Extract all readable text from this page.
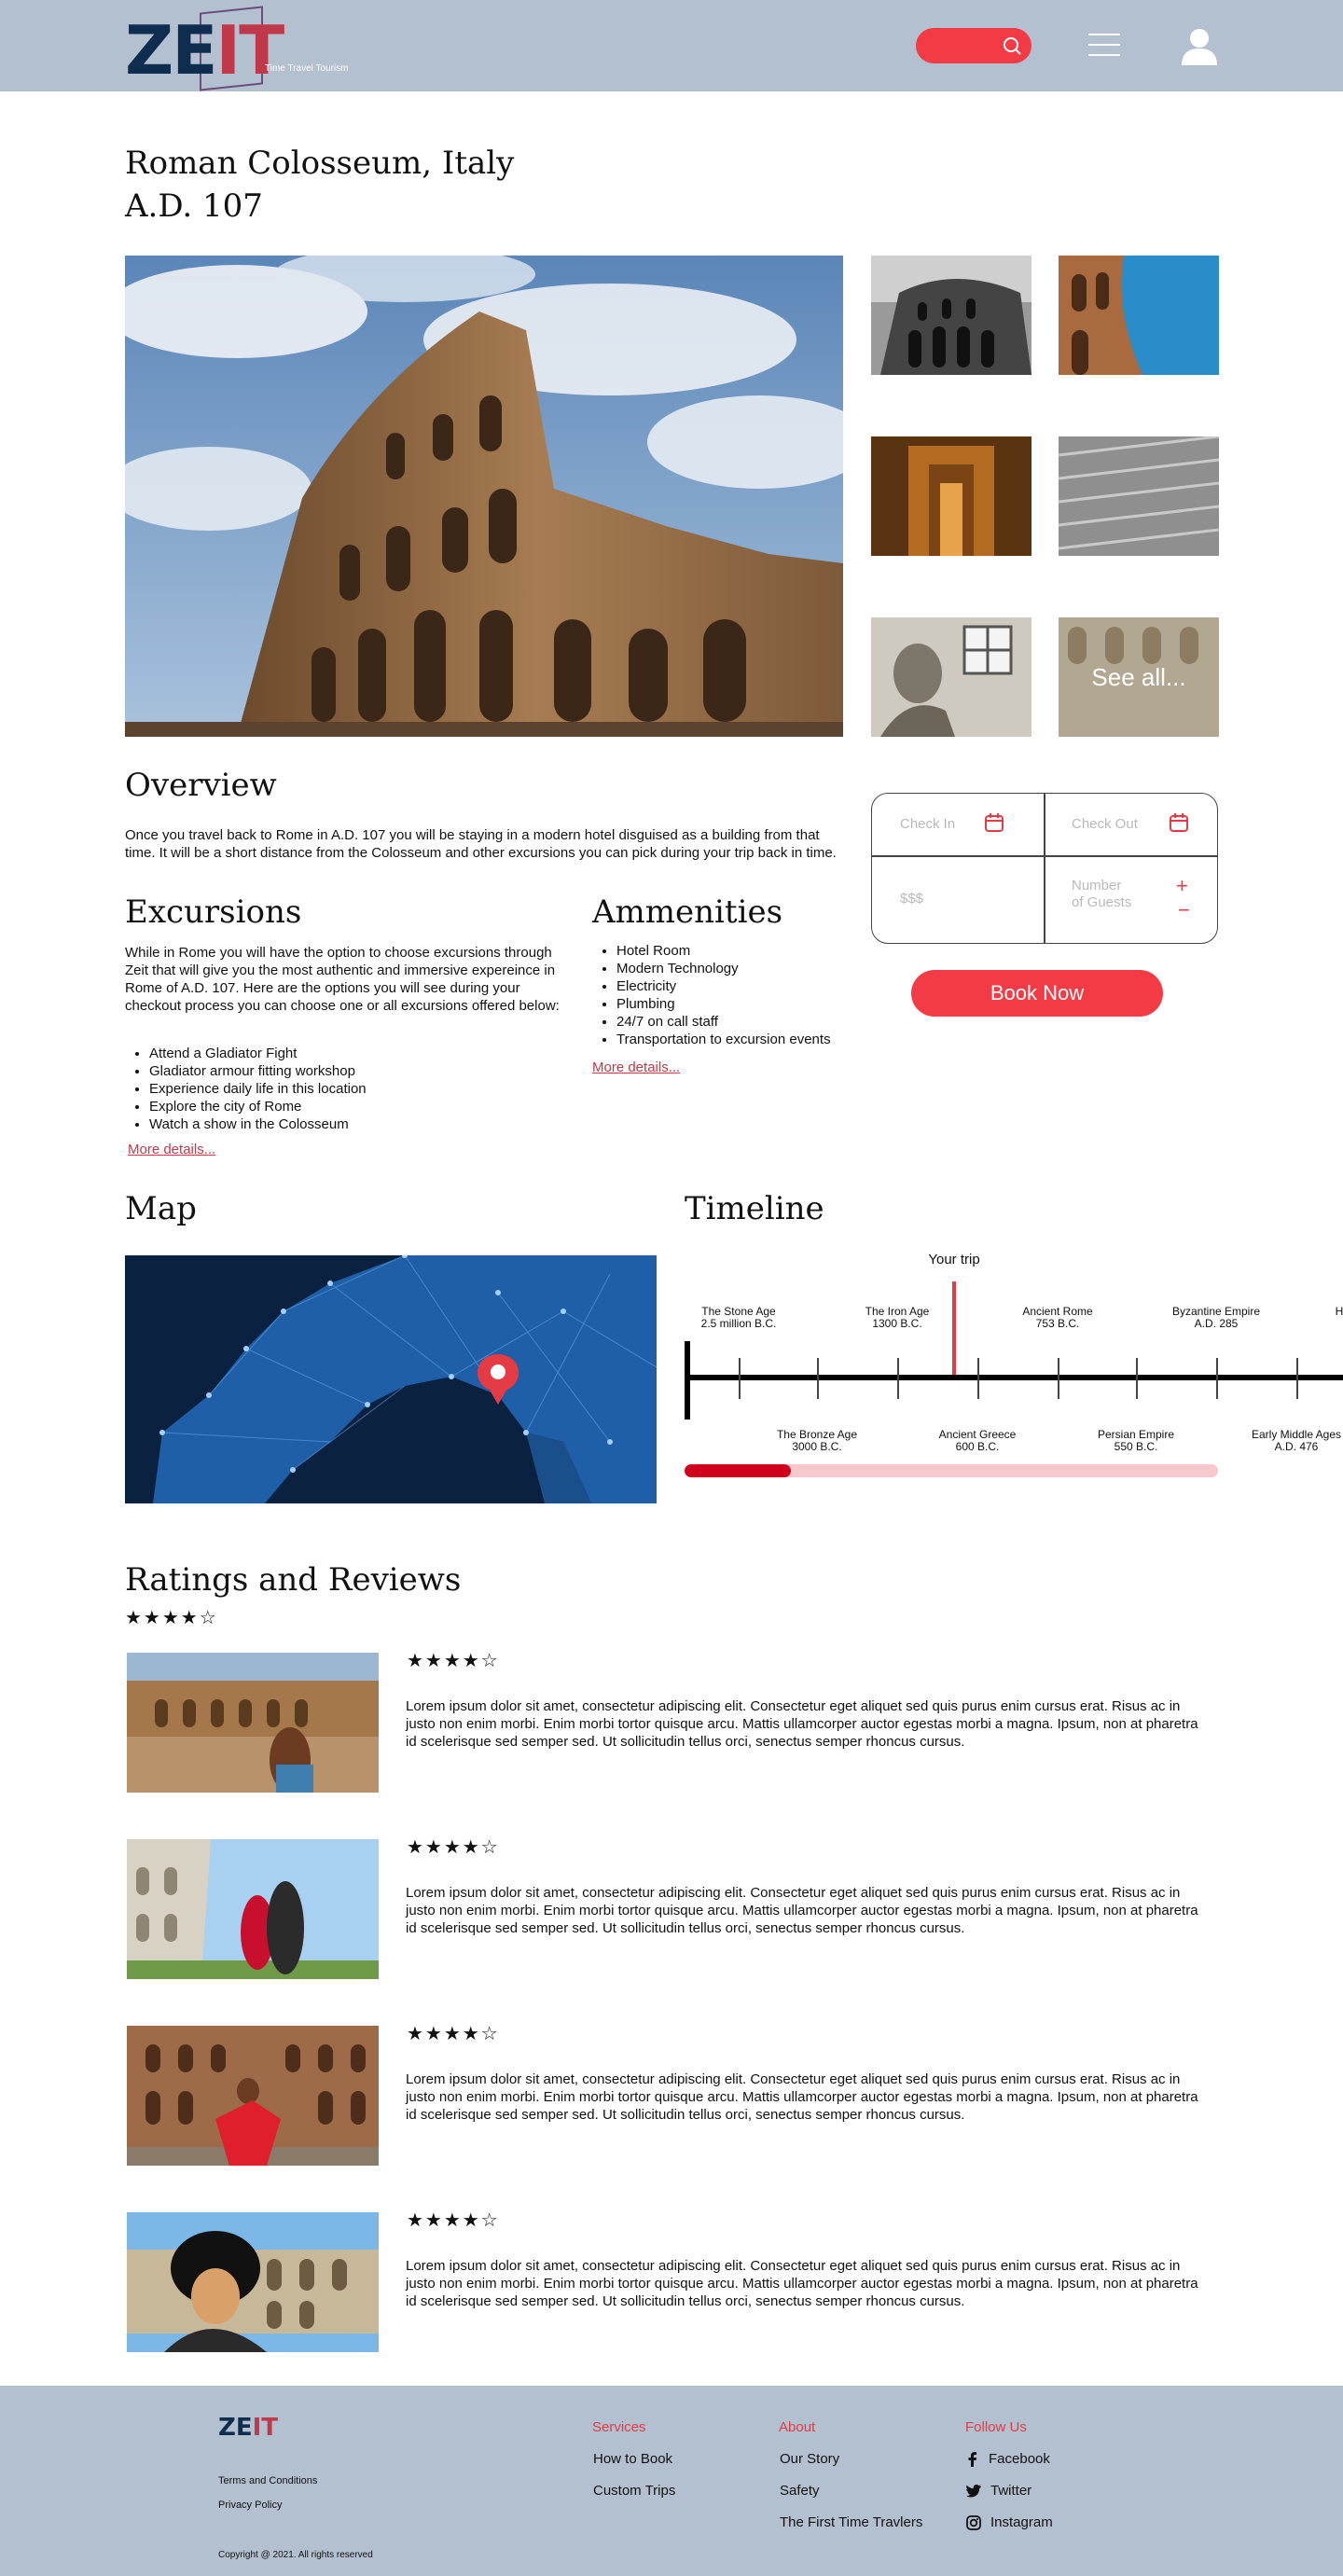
ZEIT
Time Travel Tourism
Roman Colosseum, Italy
A.D. 107
See all...
Overview
Once you travel back to Rome in A.D. 107 you will be staying in a modern hotel disguised as a building from that time. It will be a short distance from the Colosseum and other excursions you can pick during your trip back in time.
Excursions
While in Rome you will have the option to choose excursions through Zeit that will give you the most authentic and immersive expereince in Rome of A.D. 107. Here are the options you will see during your checkout process you can choose one or all excursions offered below:
• Attend a Gladiator Fight
• Gladiator armour fitting workshop
• Experience daily life in this location
• Explore the city of Rome
• Watch a show in the Colosseum
More details...
Ammenities
• Hotel Room
• Modern Technology
• Electricity
• Plumbing
• 24/7 on call staff
• Transportation to excursion events
More details...
Check In	Check Out
$$$
Number
of Guests
+
−
Book Now
Map	Timeline
Your trip
The Stone Age
2.5 million B.C.
The Iron Age
1300 B.C.
Ancient Rome
753 B.C.
Byzantine Empire
A.D. 285
H
The Bronze Age
3000 B.C.
Ancient Greece
600 B.C.
Persian Empire
550 B.C.
Early Middle Ages
A.D. 476
Ratings and Reviews
★★★★☆
★★★★☆
Lorem ipsum dolor sit amet, consectetur adipiscing elit. Consectetur eget aliquet sed quis purus enim cursus erat. Risus ac in justo non enim morbi. Enim morbi tortor quisque arcu. Mattis ullamcorper auctor egestas morbi a magna. Ipsum, non at pharetra id scelerisque sed semper sed. Ut sollicitudin tellus orci, senectus semper rhoncus cursus.
★★★★☆
Lorem ipsum dolor sit amet, consectetur adipiscing elit. Consectetur eget aliquet sed quis purus enim cursus erat. Risus ac in justo non enim morbi. Enim morbi tortor quisque arcu. Mattis ullamcorper auctor egestas morbi a magna. Ipsum, non at pharetra id scelerisque sed semper sed. Ut sollicitudin tellus orci, senectus semper rhoncus cursus.
★★★★☆
Lorem ipsum dolor sit amet, consectetur adipiscing elit. Consectetur eget aliquet sed quis purus enim cursus erat. Risus ac in justo non enim morbi. Enim morbi tortor quisque arcu. Mattis ullamcorper auctor egestas morbi a magna. Ipsum, non at pharetra id scelerisque sed semper sed. Ut sollicitudin tellus orci, senectus semper rhoncus cursus.
★★★★☆
Lorem ipsum dolor sit amet, consectetur adipiscing elit. Consectetur eget aliquet sed quis purus enim cursus erat. Risus ac in justo non enim morbi. Enim morbi tortor quisque arcu. Mattis ullamcorper auctor egestas morbi a magna. Ipsum, non at pharetra id scelerisque sed semper sed. Ut sollicitudin tellus orci, senectus semper rhoncus cursus.
ZEIT
Terms and Conditions
Privacy Policy
Copyright @ 2021. All rights reserved
Services
How to Book
Custom Trips
About
Our Story
Safety
The First Time Travlers
Follow Us
Facebook
Twitter
Instagram
